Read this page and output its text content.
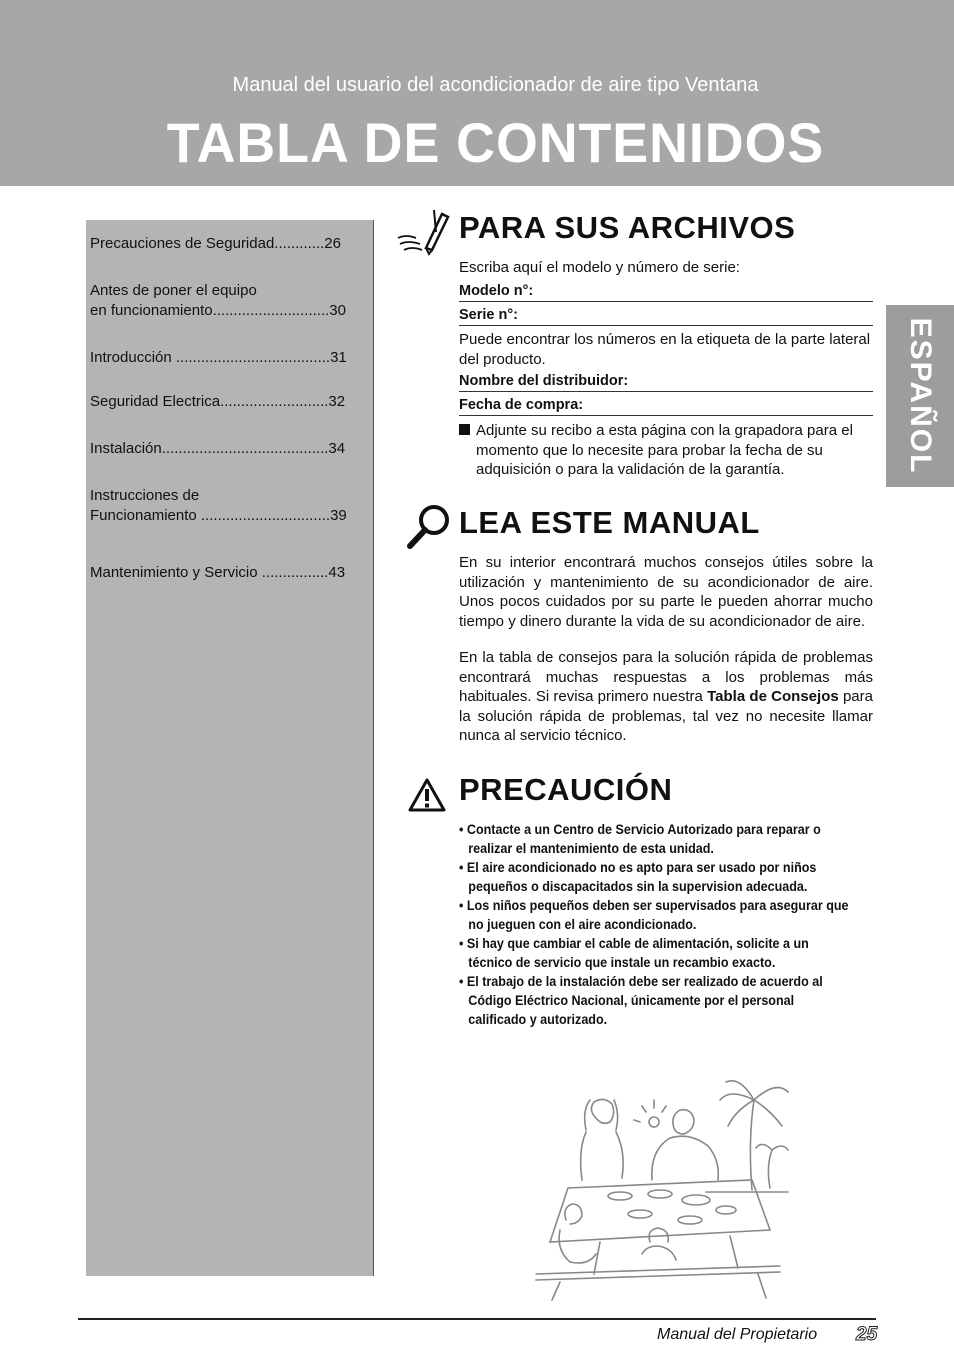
Manual del usuario del acondicionador de aire tipo Ventana
TABLA DE CONTENIDOS
Precauciones de Seguridad............26
Antes de poner el equipo
en funcionamiento............................30
Introducción .....................................31
Seguridad Electrica..........................32
Instalación........................................34
Instrucciones de
Funcionamiento ...............................39
Mantenimiento y Servicio ................43
ESPAÑOL
PARA SUS ARCHIVOS
Escriba aquí el modelo y número de serie:
Modelo n°:
Serie n°:
Puede encontrar los números en la etiqueta de la parte lateral del producto.
Nombre del distribuidor:
Fecha de compra:
Adjunte su recibo a esta página con la grapadora para el momento que lo necesite para probar la fecha de su adquisición o para la validación de la garantía.
LEA ESTE MANUAL
En su interior encontrará muchos consejos útiles sobre la utilización y mantenimiento de su acondicionador de aire. Unos pocos cuidados por su parte le pueden ahorrar mucho tiempo y dinero durante la vida de su acondicionador de aire.
En la tabla de consejos para la solución rápida de problemas encontrará muchas respuestas a los problemas más habituales. Si revisa primero nuestra Tabla de Consejos para la solución rápida de problemas, tal vez no necesite llamar nunca al servicio técnico.
PRECAUCIÓN
• Contacte a un Centro de Servicio Autorizado para reparar o realizar el mantenimiento de esta unidad.
• El aire acondicionado no es apto para ser usado por niños pequeños o discapacitados sin la supervision adecuada.
• Los niños pequeños deben ser supervisados para asegurar que no jueguen con el aire acondicionado.
• Si hay que cambiar el cable de alimentación, solicite a un técnico de servicio que instale un recambio exacto.
• El trabajo de la instalación debe ser realizado de acuerdo al Código Eléctrico Nacional, únicamente por el personal calificado y autorizado.
Manual del Propietario 25
